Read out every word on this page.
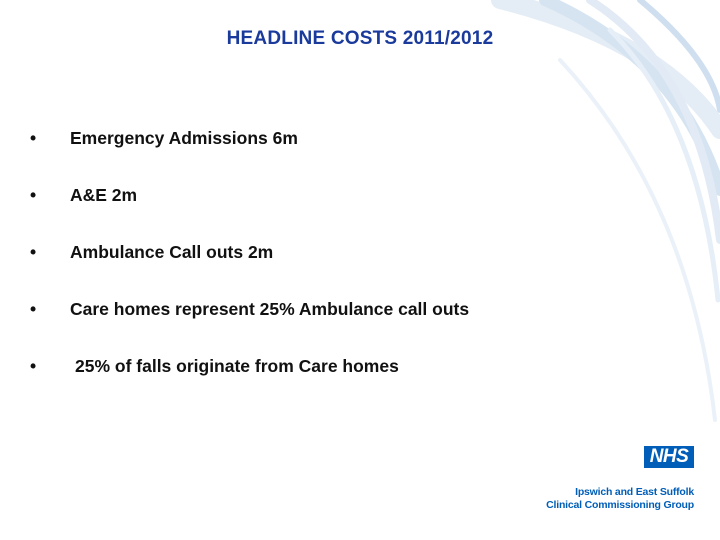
HEADLINE COSTS 2011/2012
• Emergency Admissions 6m
• A&E 2m
• Ambulance Call outs 2m
• Care homes represent 25% Ambulance call outs
• 25% of falls originate from Care homes
NHS
Ipswich and East Suffolk
Clinical Commissioning Group
